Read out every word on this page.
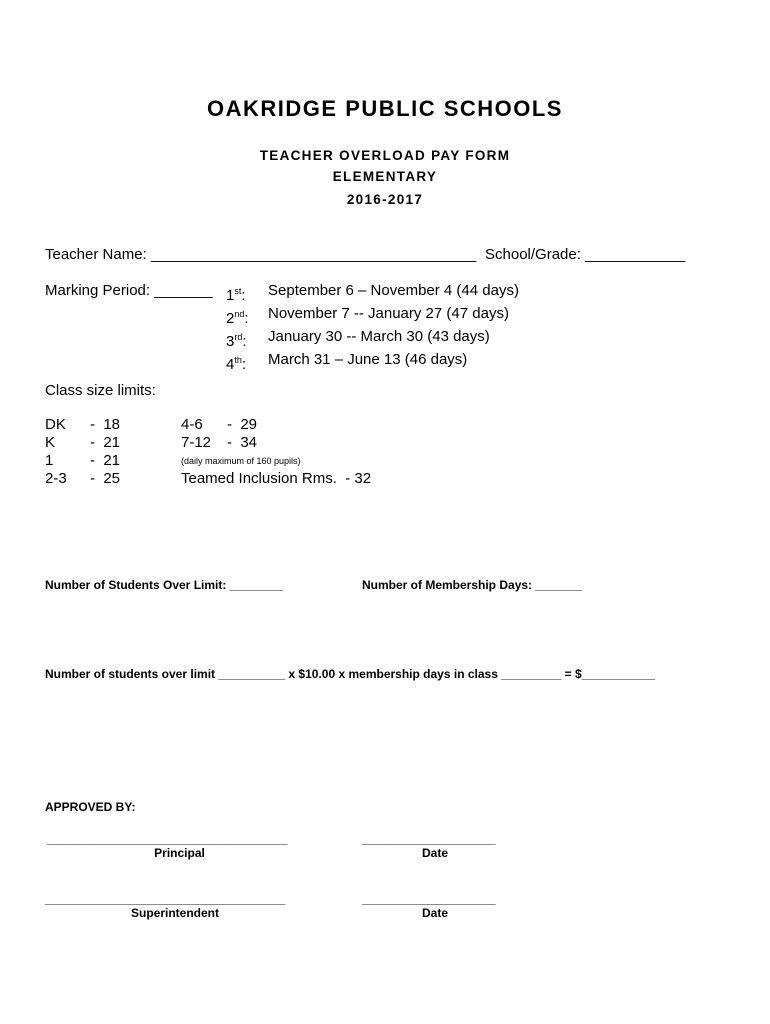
OAKRIDGE PUBLIC SCHOOLS
TEACHER OVERLOAD PAY FORM
ELEMENTARY
2016-2017
Teacher Name: _______________________________________ School/Grade: ____________
Marking Period: _______ 1st:	September 6 – November 4 (44 days)
2nd:	November 7 -- January 27 (47 days)
3rd:	January 30 -- March 30 (43 days)
4th:	March 31 – June 13 (46 days)
Class size limits:
DK	-  18
K	-  21
1	-  21
2-3	-  25
4-6	-  29
7-12	-  34
(daily maximum of 160 pupils)
Teamed Inclusion Rms.  - 32
Number of Students Over Limit: ________	Number of Membership Days: _______
Number of students over limit __________ x $10.00 x membership days in class _________ = $___________
APPROVED BY:
____________________________________
Principal
____________________
Date
____________________________________
Superintendent
____________________
Date
